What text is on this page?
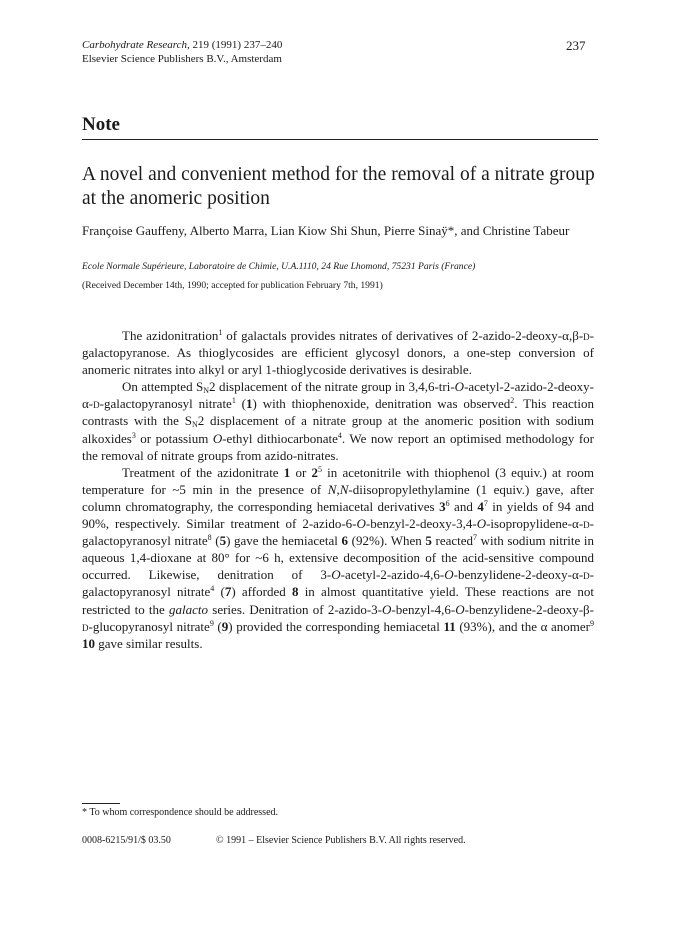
Carbohydrate Research, 219 (1991) 237–240
Elsevier Science Publishers B.V., Amsterdam
237
Note
A novel and convenient method for the removal of a nitrate group at the anomeric position
Françoise Gauffeny, Alberto Marra, Lian Kiow Shi Shun, Pierre Sinaÿ*, and Christine Tabeur
Ecole Normale Supérieure, Laboratoire de Chimie, U.A.1110, 24 Rue Lhomond, 75231 Paris (France)
(Received December 14th, 1990; accepted for publication February 7th, 1991)

The azidonitration$^1$ of galactals provides nitrates of derivatives of 2-azido-2-deoxy-α,β-d-galactopyranose. As thioglycosides are efficient glycosyl donors, a one-step conversion of anomeric nitrates into alkyl or aryl 1-thioglycoside derivatives is desirable.

On attempted $S_N2$ displacement of the nitrate group in 3,4,6-tri-O-acetyl-2-azido-2-deoxy-α-d-galactopyranosyl nitrate$^1$ (1) with thiophenoxide, denitration was observed$^2$. This reaction contrasts with the $S_N2$ displacement of a nitrate group at the anomeric position with sodium alkoxides$^3$ or potassium O-ethyl dithiocarbonate$^4$. We now report an optimised methodology for the removal of nitrate groups from azido-nitrates.

Treatment of the azidonitrate 1 or $2^5$ in acetonitrile with thiophenol (3 equiv.) at room temperature for ~5 min in the presence of N,N-diisopropylethylamine (1 equiv.) gave, after column chromatography, the corresponding hemiacetal derivatives $3^6$ and $4^7$ in yields of 94 and 90%, respectively. Similar treatment of 2-azido-6-O-benzyl-2-deoxy-3,4-O-isopropylidene-α-d-galactopyranosyl nitrate$^8$ (5) gave the hemiacetal 6 (92%). When 5 reacted$^7$ with sodium nitrite in aqueous 1,4-dioxane at 80° for ~6 h, extensive decomposition of the acid-sensitive compound occurred. Likewise, denitration of 3-O-acetyl-2-azido-4,6-O-benzylidene-2-deoxy-α-d-galactopyranosyl nitrate$^4$ (7) afforded 8 in almost quantitative yield. These reactions are not restricted to the galacto series. Denitration of 2-azido-3-O-benzyl-4,6-O-benzylidene-2-deoxy-β-d-glucopyranosyl nitrate$^9$ (9) provided the corresponding hemiacetal 11 (93%), and the α anomer$^9$ 10 gave similar results.

* To whom correspondence should be addressed.
0008-6215/91/$ 03.50	© 1991 – Elsevier Science Publishers B.V. All rights reserved.
